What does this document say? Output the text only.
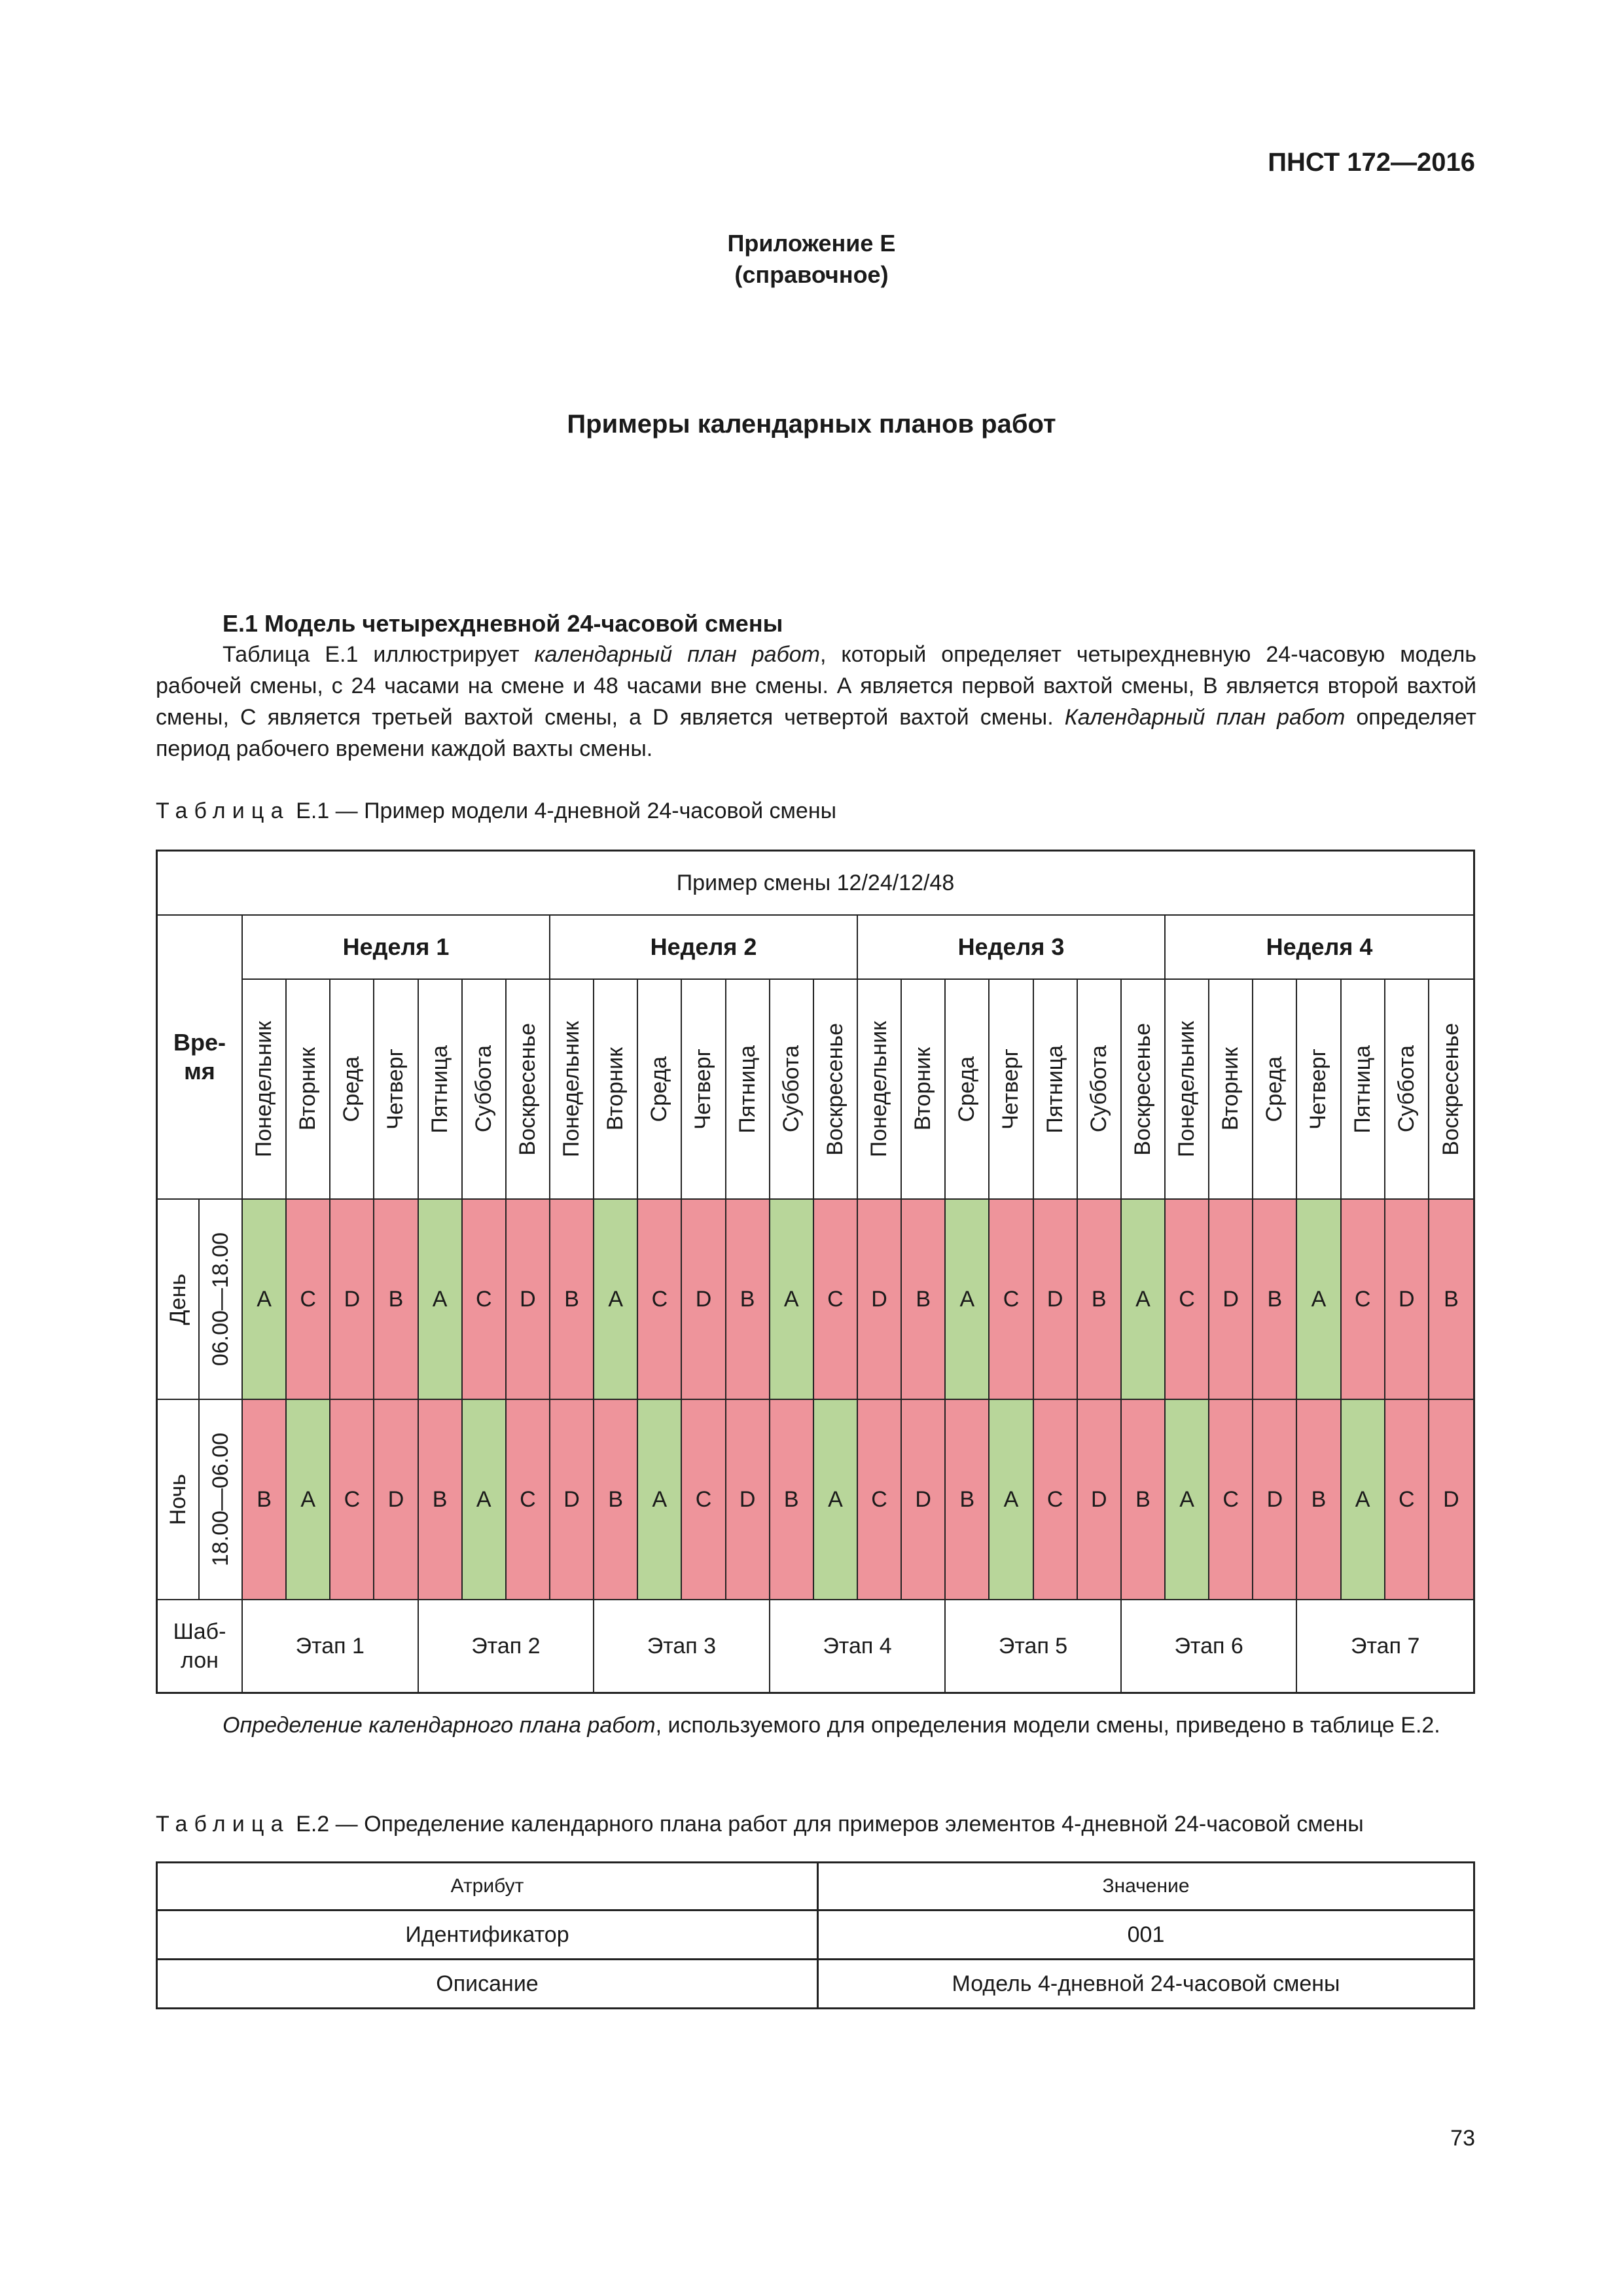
ПНСТ 172—2016
Приложение Е
(справочное)
Примеры календарных планов работ
Е.1 Модель четырехдневной 24-часовой смены

Таблица Е.1 иллюстрирует календарный план работ, который определяет четырехдневную 24-часовую модель рабочей смены, с 24 часами на смене и 48 часами вне смены. А является первой вахтой смены, В является второй вахтой смены, С является третьей вахтой смены, а D является четвертой вахтой смены. Календарный план работ определяет период рабочего времени каждой вахты смены.

Таблица Е.1 — Пример модели 4-дневной 24-часовой смены
Пример смены 12/24/12/48
Вре-
мя
Неделя 1	Неделя 2	Неделя 3	Неделя 4
Понедельник Вторник Среда Четверг Пятница Суббота Воскресенье Понедельник Вторник Среда Четверг Пятница Суббота Воскресенье Понедельник Вторник Среда Четверг Пятница Суббота Воскресенье Понедельник Вторник Среда Четверг Пятница Суббота Воскресенье
День 06.00—18.00 A C D B A C D B A C D B A C D B A C D B A C D B A C D B
Ночь 18.00—06.00 B A C D B A C D B A C D B A C D B A C D B A C D B A C D
Шаб-
лон
Этап 1	Этап 2	Этап 3	Этап 4	Этап 5	Этап 6	Этап 7

Определение календарного плана работ, используемого для определения модели смены, приведено в таблице Е.2.

Таблица Е.2 — Определение календарного плана работ для примеров элементов 4-дневной 24-часовой смены
Атрибут	Значение
Идентификатор	001
Описание	Модель 4-дневной 24-часовой смены
73
